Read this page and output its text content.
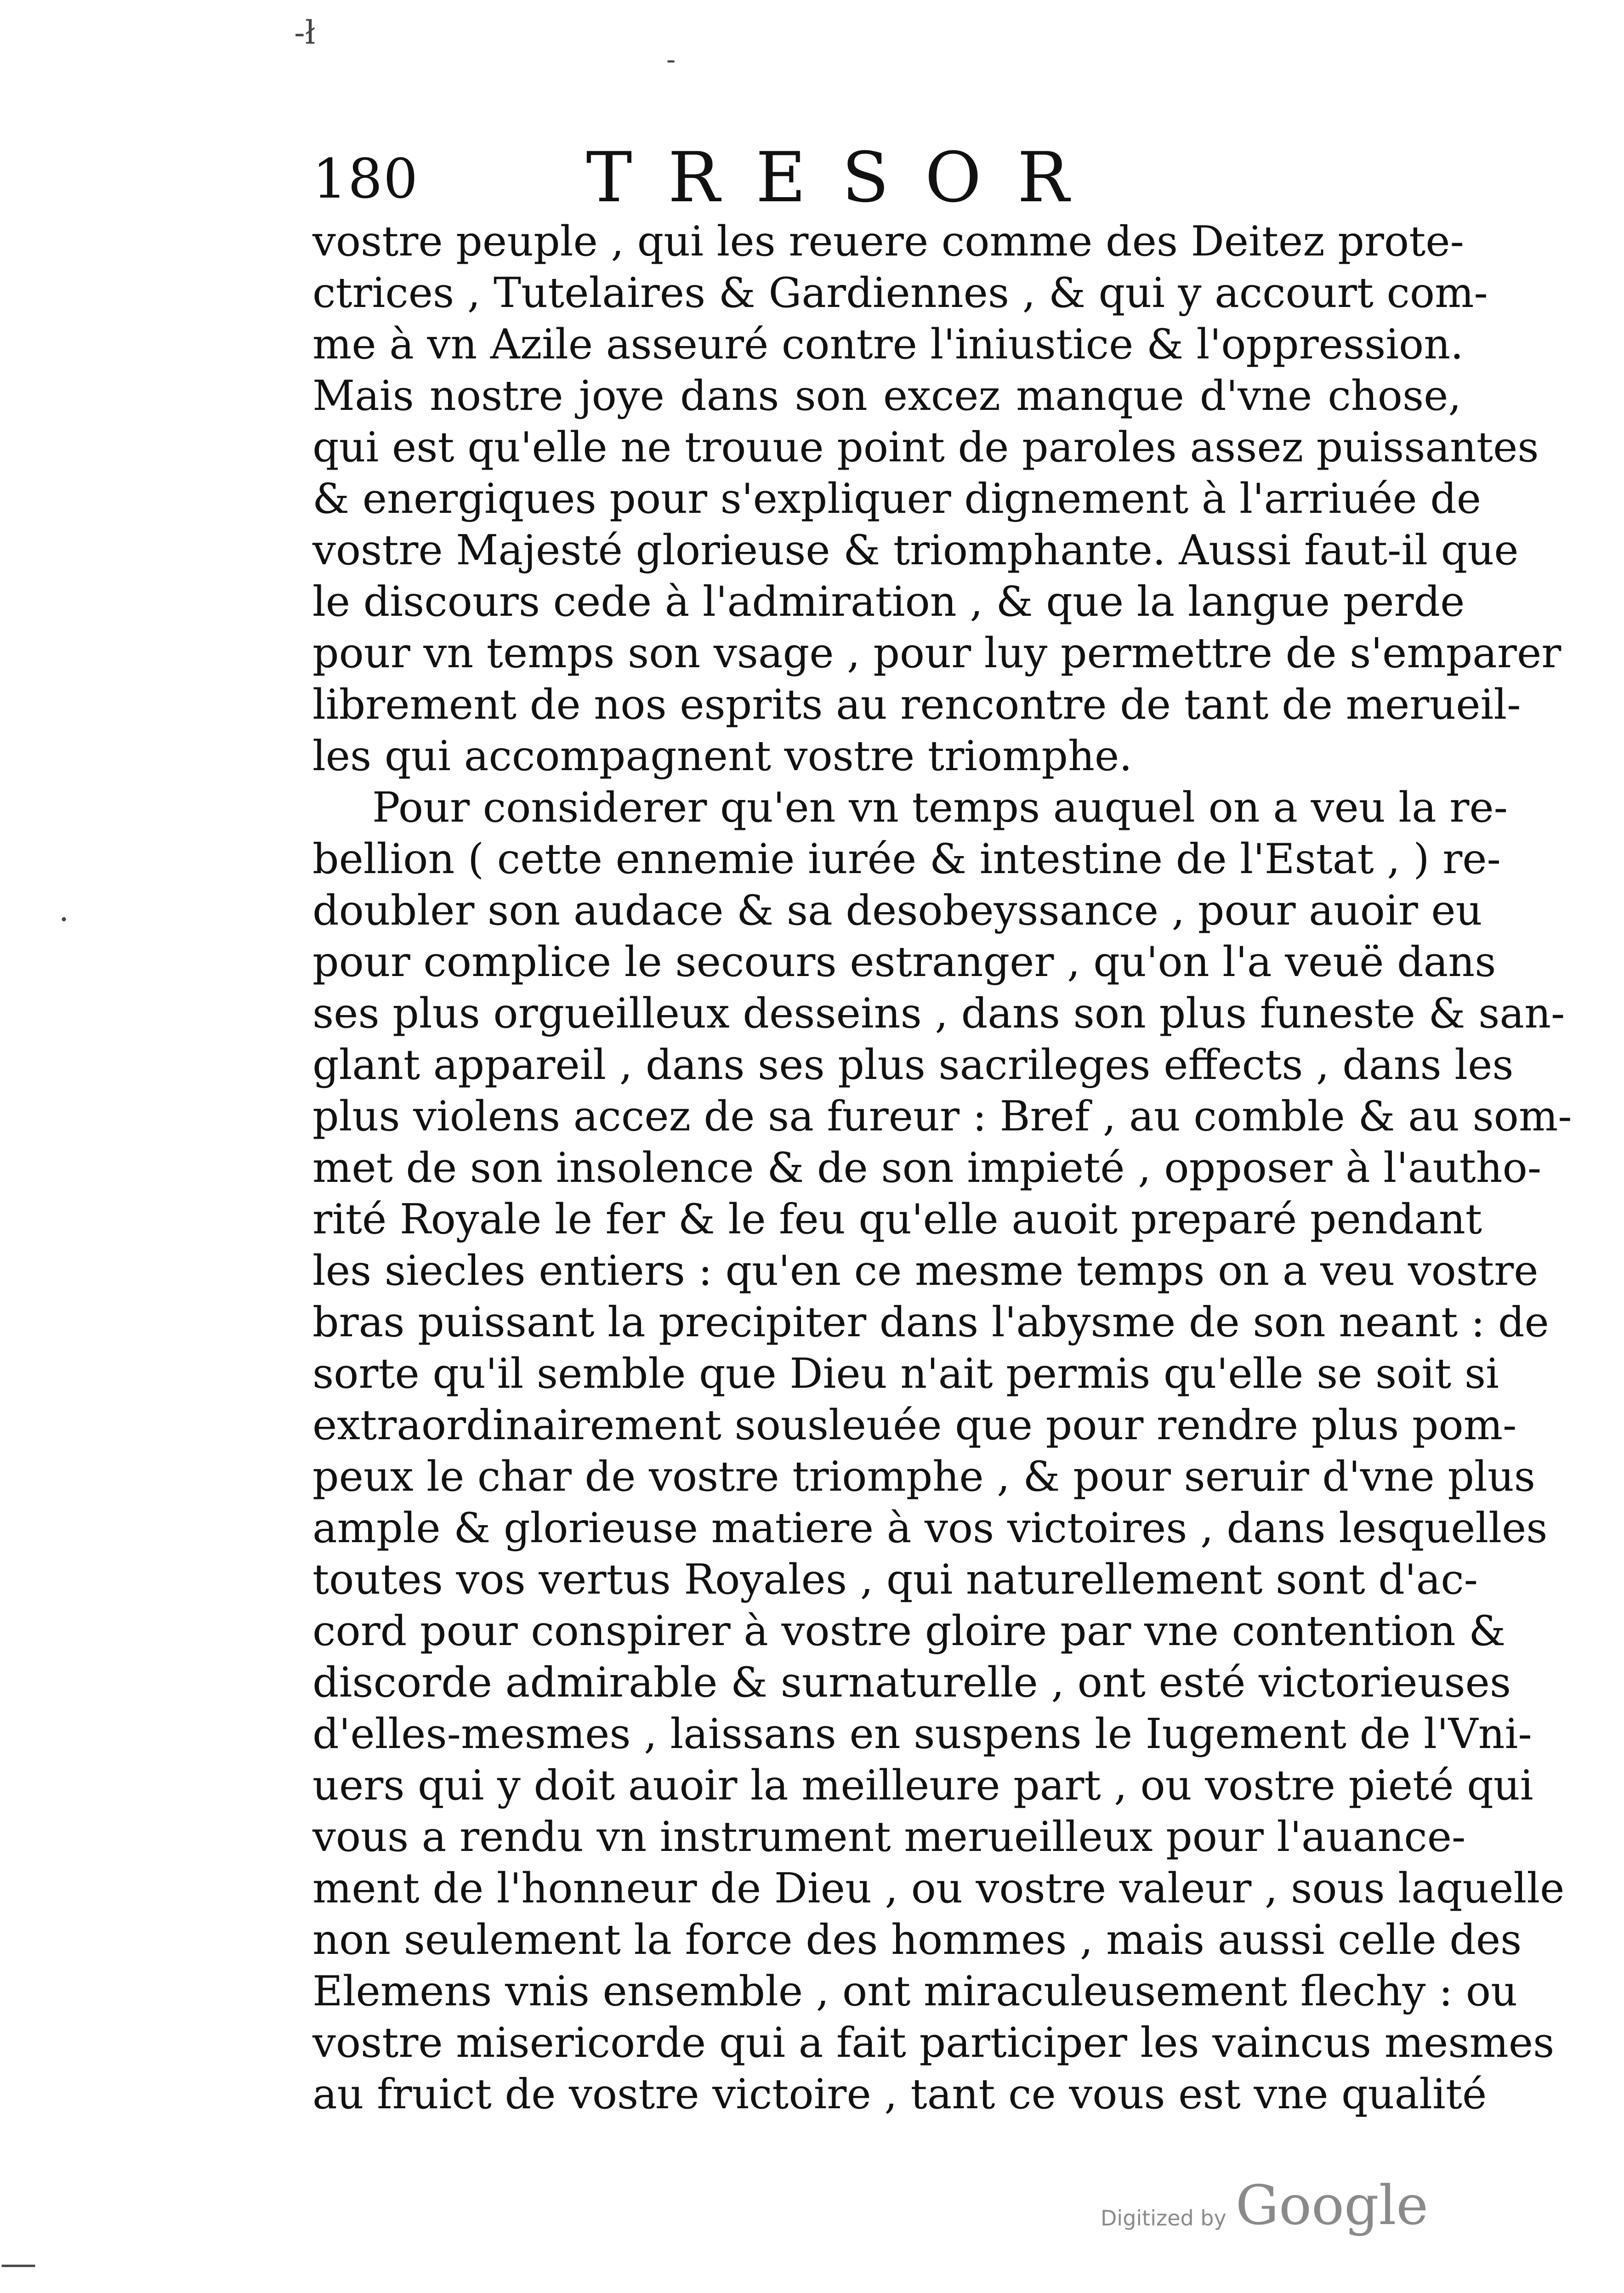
-ł
-
·
—
180 TRESOR
vostre peuple , qui les reuere comme des Deitez prote-
ctrices , Tutelaires & Gardiennes , & qui y accourt com-
me à vn Azile asseuré contre l'iniustice & l'oppression.
Mais nostre joye dans son excez manque d'vne chose,
qui est qu'elle ne trouue point de paroles assez puissantes
& energiques pour s'expliquer dignement à l'arriuée de
vostre Majesté glorieuse & triomphante. Aussi faut-il que
le discours cede à l'admiration , & que la langue perde
pour vn temps son vsage , pour luy permettre de s'emparer
librement de nos esprits au rencontre de tant de merueil-
les qui accompagnent vostre triomphe.
Pour considerer qu'en vn temps auquel on a veu la re-
bellion ( cette ennemie iurée & intestine de l'Estat , ) re-
doubler son audace & sa desobeyssance , pour auoir eu
pour complice le secours estranger , qu'on l'a veuë dans
ses plus orgueilleux desseins , dans son plus funeste & san-
glant appareil , dans ses plus sacrileges effects , dans les
plus violens accez de sa fureur : Bref , au comble & au som-
met de son insolence & de son impieté , opposer à l'autho-
rité Royale le fer & le feu qu'elle auoit preparé pendant
les siecles entiers : qu'en ce mesme temps on a veu vostre
bras puissant la precipiter dans l'abysme de son neant : de
sorte qu'il semble que Dieu n'ait permis qu'elle se soit si
extraordinairement sousleuée que pour rendre plus pom-
peux le char de vostre triomphe , & pour seruir d'vne plus
ample & glorieuse matiere à vos victoires , dans lesquelles
toutes vos vertus Royales , qui naturellement sont d'ac-
cord pour conspirer à vostre gloire par vne contention &
discorde admirable & surnaturelle , ont esté victorieuses
d'elles-mesmes , laissans en suspens le Iugement de l'Vni-
uers qui y doit auoir la meilleure part , ou vostre pieté qui
vous a rendu vn instrument merueilleux pour l'auance-
ment de l'honneur de Dieu , ou vostre valeur , sous laquelle
non seulement la force des hommes , mais aussi celle des
Elemens vnis ensemble , ont miraculeusement flechy : ou
vostre misericorde qui a fait participer les vaincus mesmes
au fruict de vostre victoire , tant ce vous est vne qualité
Digitized by Google
